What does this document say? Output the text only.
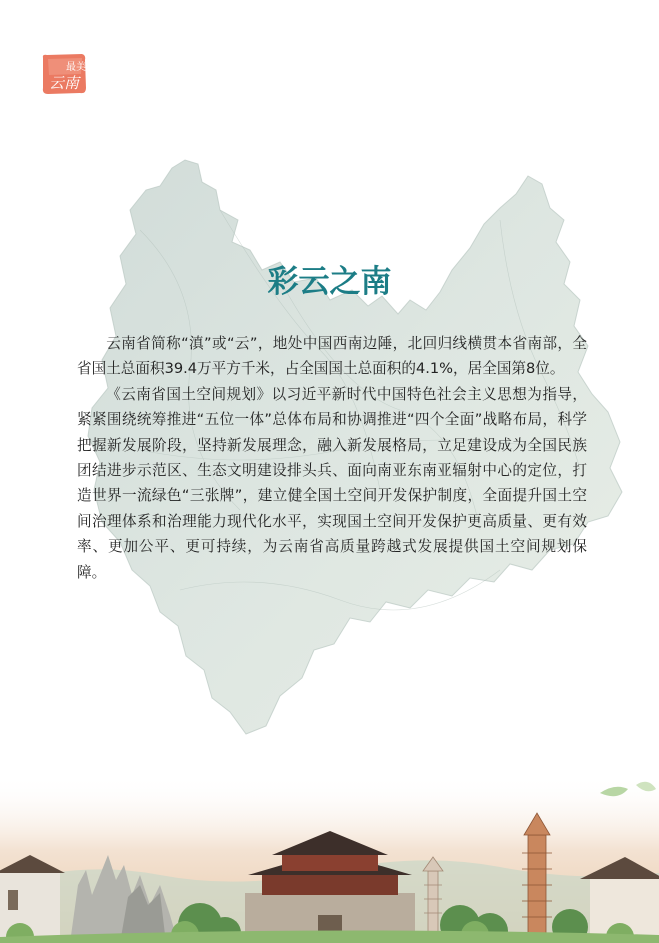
最美
云南
彩云之南

云南省简称“滇”或“云”，地处中国西南边陲，北回归线横贯本省南部，全省国土总面积39.4万平方千米，占全国国土总面积的4.1%，居全国第8位。

《云南省国土空间规划》以习近平新时代中国特色社会主义思想为指导，紧紧围绕统筹推进“五位一体”总体布局和协调推进“四个全面”战略布局，科学把握新发展阶段，坚持新发展理念，融入新发展格局，立足建设成为全国民族团结进步示范区、生态文明建设排头兵、面向南亚东南亚辐射中心的定位，打造世界一流绿色“三张牌”，建立健全国土空间开发保护制度，全面提升国土空间治理体系和治理能力现代化水平，实现国土空间开发保护更高质量、更有效率、更加公平、更可持续，为云南省高质量跨越式发展提供国土空间规划保障。
